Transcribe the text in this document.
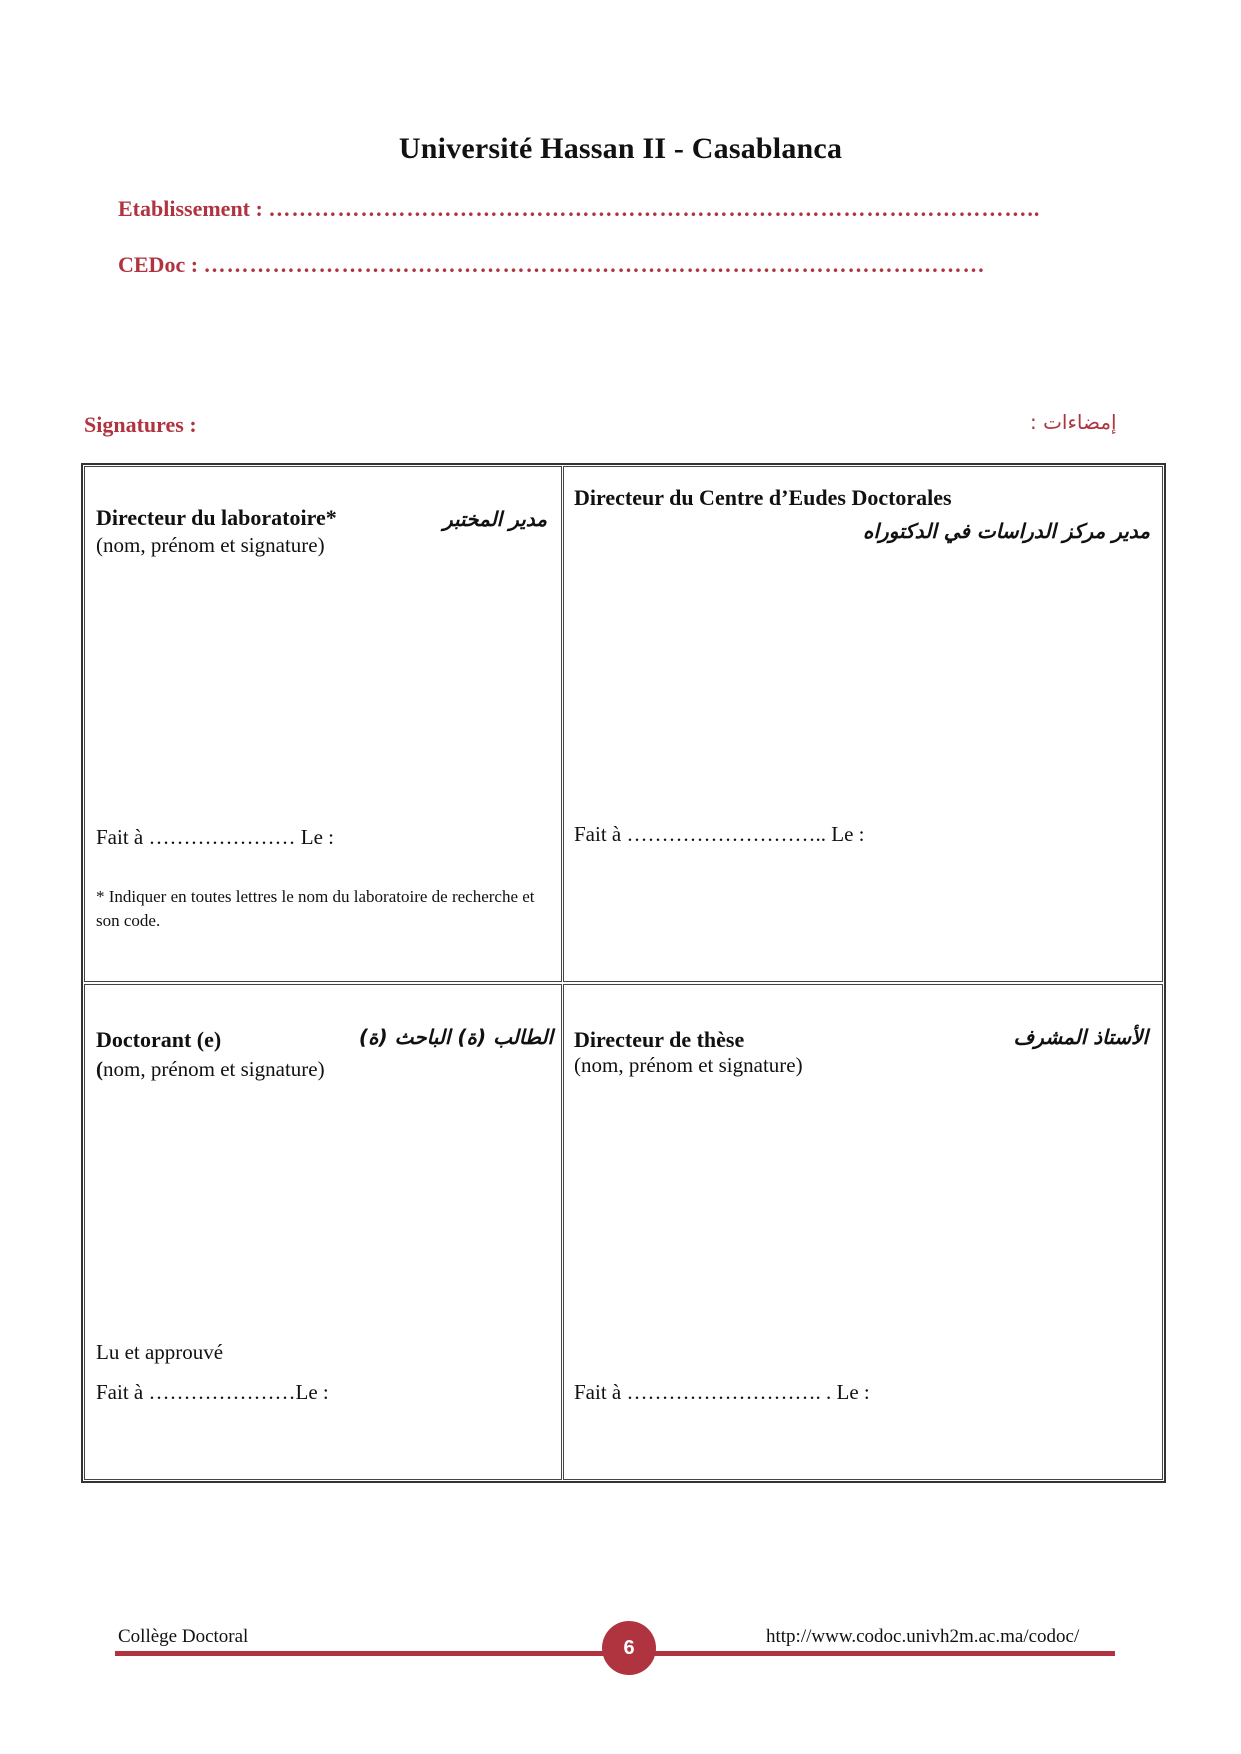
Université Hassan II - Casablanca
Etablissement : ………………………………………………………………………………………..
CEDoc : …………………………………………………………………………………………
Signatures :	إمضاءات :
Directeur du laboratoire*	مدير المختبر
(nom, prénom et signature)
Fait à ………………… Le :
* Indiquer en toutes lettres le nom du laboratoire de recherche et son code.
Directeur du Centre d’Eudes Doctorales
مدير مركز الدراسات في الدكتوراه
Fait à ……………………….. Le :
Doctorant (e)	الطالب (ة) الباحث (ة)
(nom, prénom et signature)
Lu et approuvé
Fait à …………………Le :
Directeur de thèse	الأستاذ المشرف
(nom, prénom et signature)
Fait à ………………………. . Le :
Collège Doctoral	http://www.codoc.univh2m.ac.ma/codoc/
6
